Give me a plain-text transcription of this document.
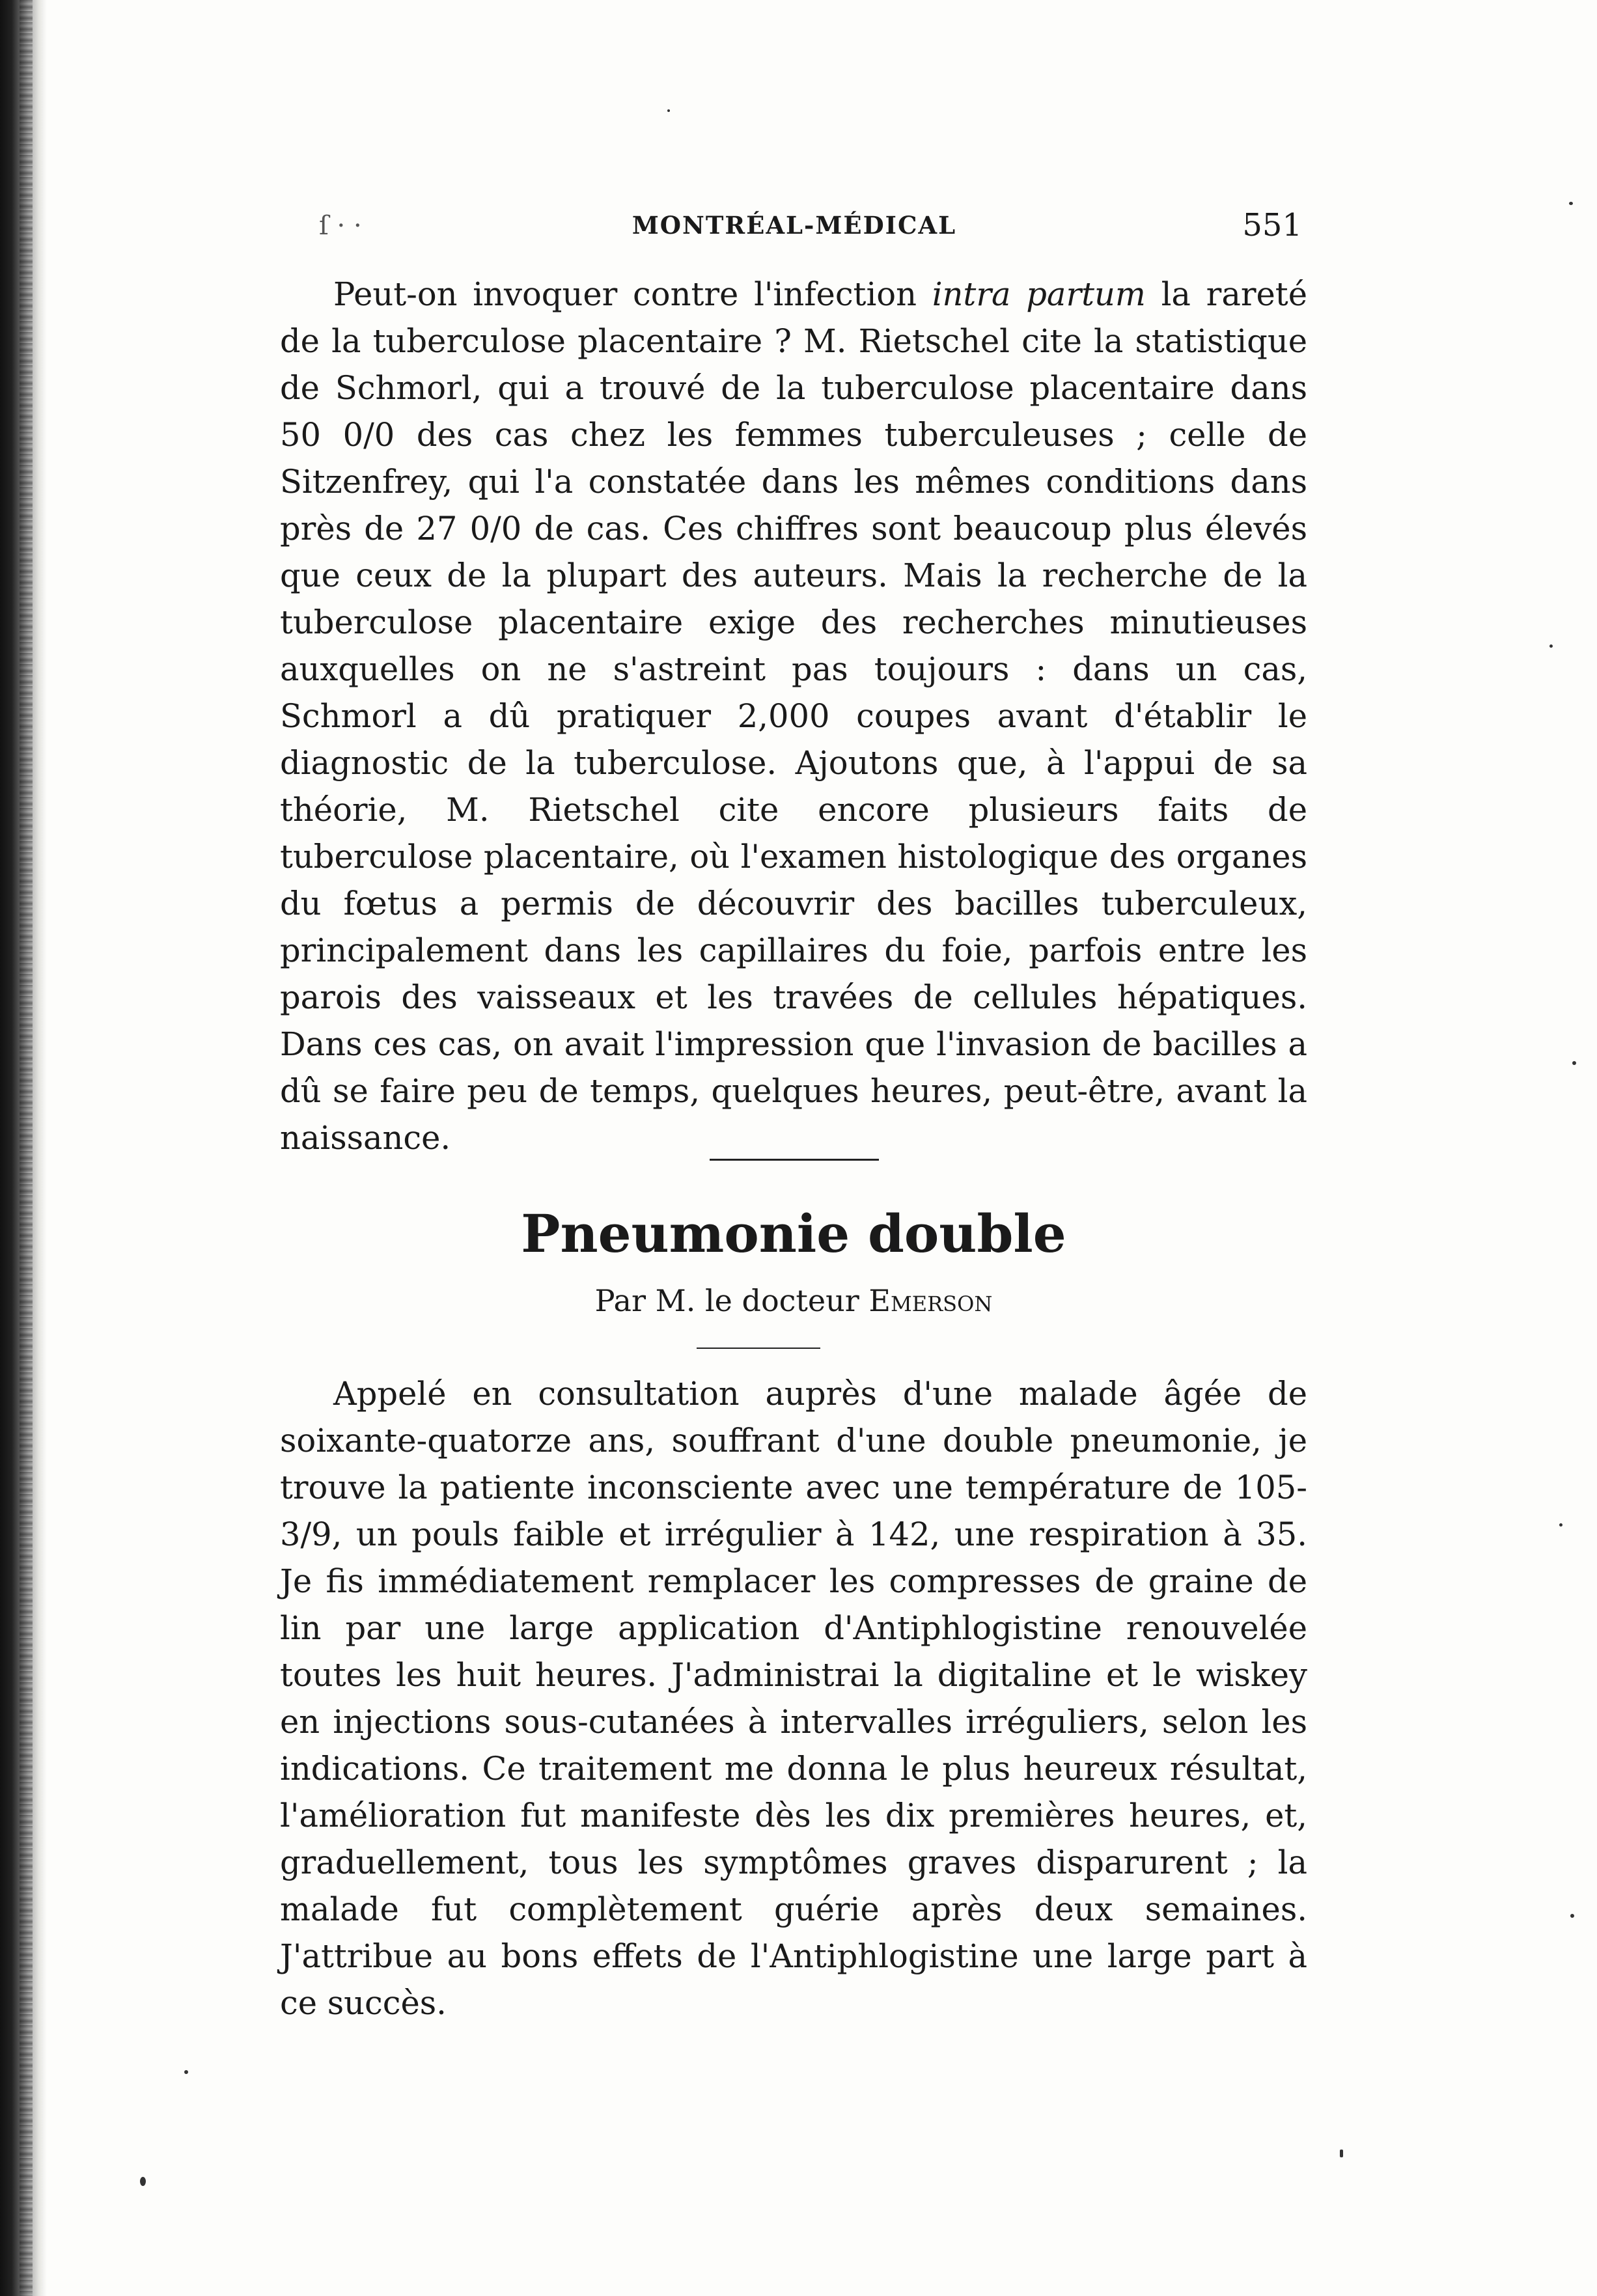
ſ · ·	MONTRÉAL-MÉDICAL	551

Peut-on invoquer contre l'infection intra partum la rareté de la tuberculose placentaire ? M. Rietschel cite la statistique de Schmorl, qui a trouvé de la tuberculose placentaire dans 50 0/0 des cas chez les femmes tuberculeuses ; celle de Sitzenfrey, qui l'a constatée dans les mêmes conditions dans près de 27 0/0 de cas. Ces chiffres sont beaucoup plus élevés que ceux de la plupart des auteurs. Mais la recherche de la tuberculose placentaire exige des recherches minutieuses auxquelles on ne s'astreint pas toujours : dans un cas, Schmorl a dû pratiquer 2,000 coupes avant d'établir le diagnostic de la tuberculose. Ajoutons que, à l'appui de sa théorie, M. Rietschel cite encore plusieurs faits de tuberculose placentaire, où l'examen histologique des organes du fœtus a permis de découvrir des bacilles tuberculeux, principalement dans les capillaires du foie, parfois entre les parois des vaisseaux et les travées de cellules hépatiques. Dans ces cas, on avait l'impression que l'invasion de bacilles a dû se faire peu de temps, quelques heures, peut-être, avant la naissance.

Pneumonie double
Par M. le docteur Emerson

Appelé en consultation auprès d'une malade âgée de soixante-quatorze ans, souffrant d'une double pneumonie, je trouve la patiente inconsciente avec une température de 105-3/9, un pouls faible et irrégulier à 142, une respiration à 35. Je fis immédiatement remplacer les compresses de graine de lin par une large application d'Antiphlogistine renouvelée toutes les huit heures. J'administrai la digitaline et le wiskey en injections sous-cutanées à intervalles irréguliers, selon les indications. Ce traitement me donna le plus heureux résultat, l'amélioration fut manifeste dès les dix premières heures, et, graduellement, tous les symptômes graves disparurent ; la malade fut complètement guérie après deux semaines. J'attribue au bons effets de l'Antiphlogistine une large part à ce succès.
